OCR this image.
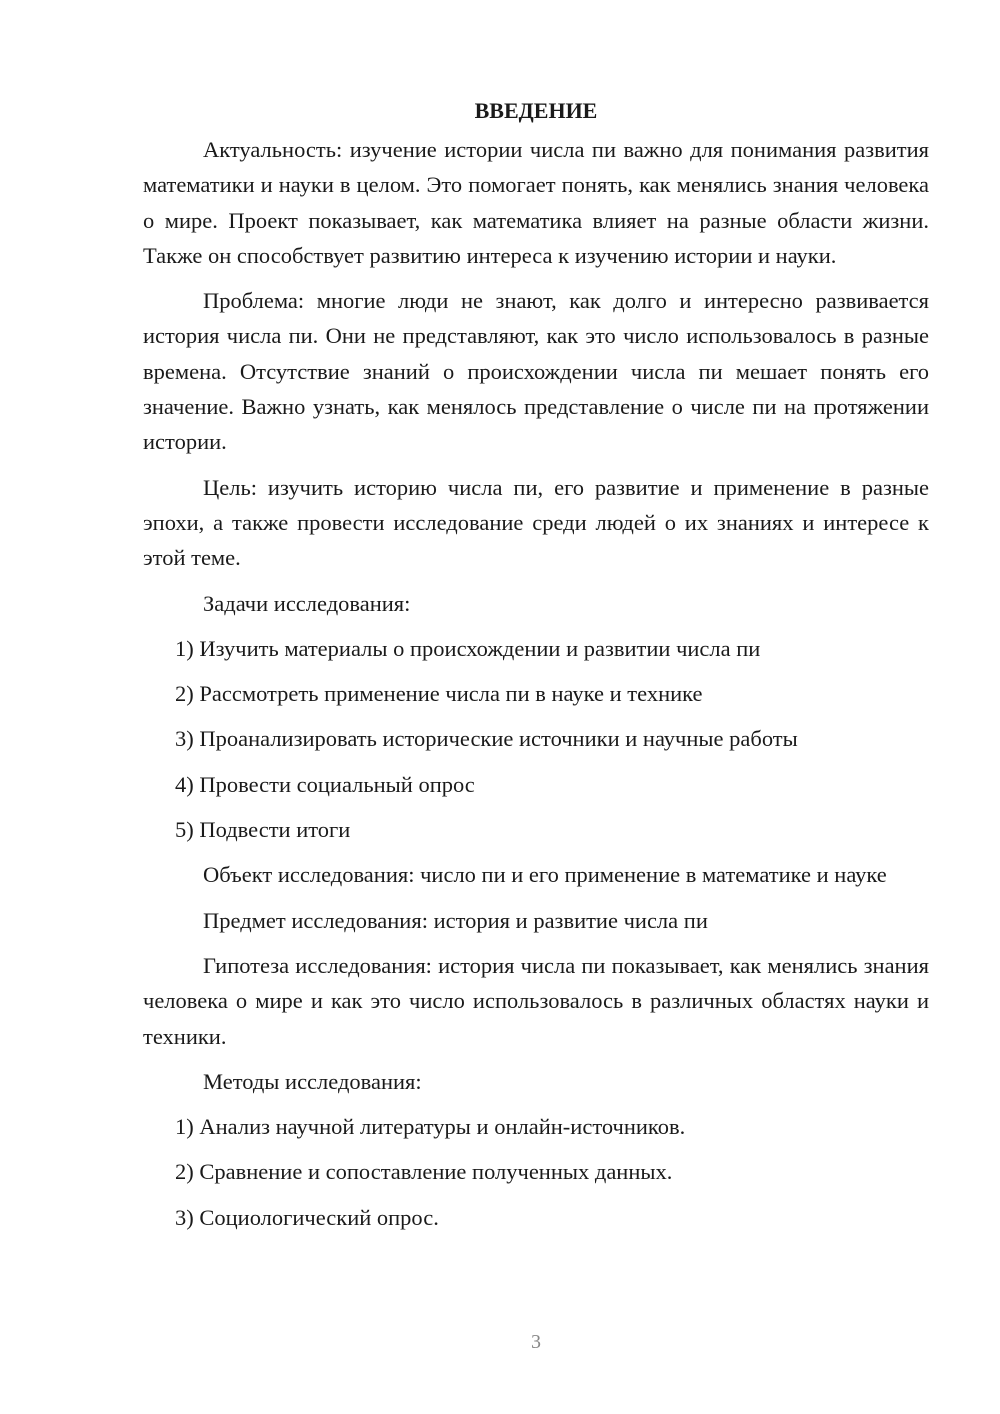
ВВЕДЕНИЕ

Актуальность: изучение истории числа пи важно для понимания развития математики и науки в целом. Это помогает понять, как менялись знания человека о мире. Проект показывает, как математика влияет на разные области жизни. Также он способствует развитию интереса к изучению истории и науки.

Проблема: многие люди не знают, как долго и интересно развивается история числа пи. Они не представляют, как это число использовалось в разные времена. Отсутствие знаний о происхождении числа пи мешает понять его значение. Важно узнать, как менялось представление о числе пи на протяжении истории.

Цель: изучить историю числа пи, его развитие и применение в разные эпохи, а также провести исследование среди людей о их знаниях и интересе к этой теме.

Задачи исследования:

1) Изучить материалы о происхождении и развитии числа пи
2) Рассмотреть применение числа пи в науке и технике
3) Проанализировать исторические источники и научные работы
4) Провести социальный опрос
5) Подвести итоги

Объект исследования: число пи и его применение в математике и науке

Предмет исследования: история и развитие числа пи

Гипотеза исследования: история числа пи показывает, как менялись знания человека о мире и как это число использовалось в различных областях науки и техники.

Методы исследования:

1) Анализ научной литературы и онлайн-источников.
2) Сравнение и сопоставление полученных данных.
3) Социологический опрос.
3
